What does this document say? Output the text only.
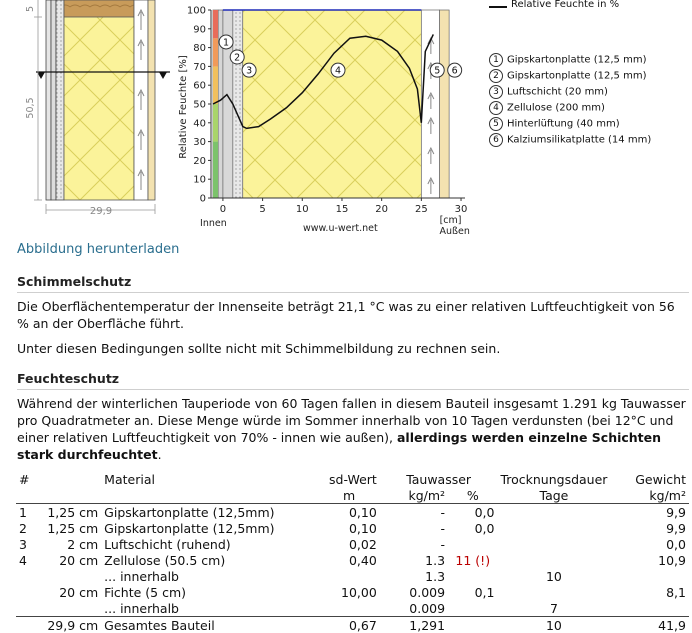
5
50,5
29,9
0
10
20
30
40
50
60
70
80
90
100
0	5	10	15	20	25	30
1
2
3	4	5 6
Relative Feuchte [%]
[cm]
Innen
Außen
www.u-wert.net
Relative Feuchte in %
1 Gipskartonplatte (12,5 mm)
2 Gipskartonplatte (12,5 mm)
3 Luftschicht (20 mm)
4 Zellulose (200 mm)
5 Hinterlüftung (40 mm)
6 Kalziumsilikatplatte (14 mm)
Abbildung herunterladen
Schimmelschutz
Die Oberflächentemperatur der Innenseite beträgt 21,1 °C was zu einer relativen Luftfeuchtigkeit von 56 % an der Oberfläche führt.
Unter diesen Bedingungen sollte nicht mit Schimmelbildung zu rechnen sein.
Feuchteschutz
Während der winterlichen Tauperiode von 60 Tagen fallen in diesem Bauteil insgesamt 1.291 kg Tauwasser pro Quadratmeter an. Diese Menge würde im Sommer innerhalb von 10 Tagen verdunsten (bei 12°C und einer relativen Luftfeuchtigkeit von 70% - innen wie außen), allerdings werden einzelne Schichten stark durchfeuchtet.
#		Material	sd-Wert	Tauwasser		Trocknungsdauer	Gewicht
			m	kg/m²	%	Tage	kg/m²
1	1,25 cm	Gipskartonplatte (12,5mm)	0,10	-	0,0		9,9
2	1,25 cm	Gipskartonplatte (12,5mm)	0,10	-	0,0		9,9
3	2 cm	Luftschicht (ruhend)	0,02	-			0,0
4	20 cm	Zellulose (50.5 cm)	0,40	1.3	11 (!)		10,9
		... innerhalb		1.3		10	
	20 cm	Fichte (5 cm)	10,00	0.009	0,1		8,1
		... innerhalb		0.009		7	
	29,9 cm	Gesamtes Bauteil	0,67	1,291		10	41,9
